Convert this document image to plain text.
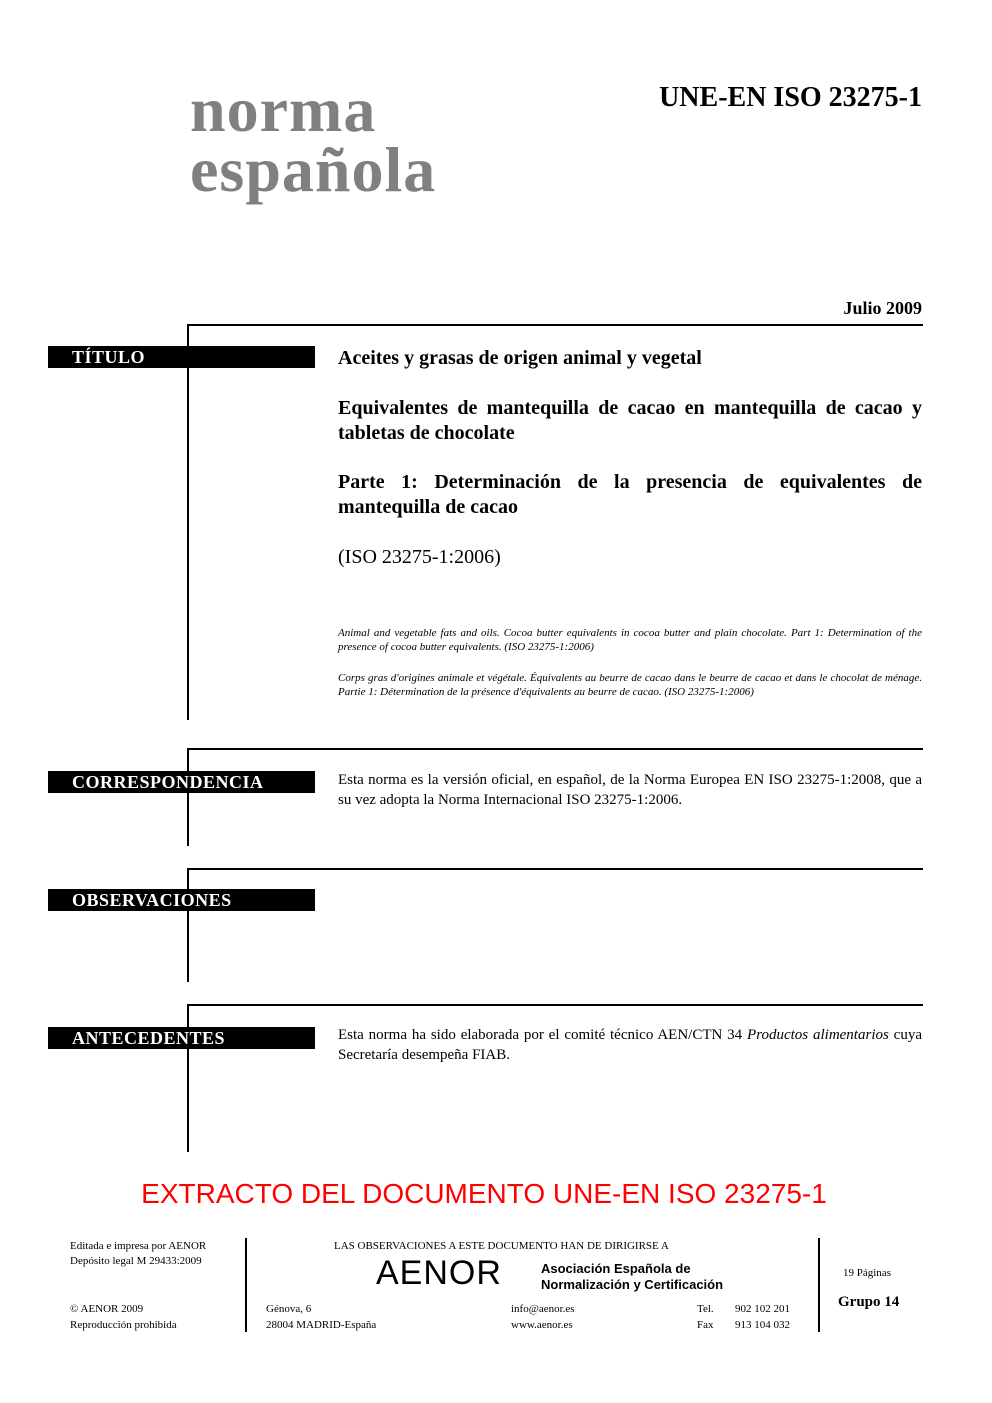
norma
española
UNE-EN ISO 23275-1
Julio 2009
TÍTULO	Aceites y grasas de origen animal y vegetal
Equivalentes de mantequilla de cacao en mantequilla de cacao y tabletas de chocolate
Parte 1: Determinación de la presencia de equivalentes de mantequilla de cacao
(ISO 23275-1:2006)
Animal and vegetable fats and oils. Cocoa butter equivalents in cocoa butter and plain chocolate. Part 1: Determination of the presence of cocoa butter equivalents. (ISO 23275-1:2006)
Corps gras d'origines animale et végétale. Équivalents au beurre de cacao dans le beurre de cacao et dans le chocolat de ménage. Partie 1: Détermination de la présence d'équivalents au beurre de cacao. (ISO 23275-1:2006)
CORRESPONDENCIA	Esta norma es la versión oficial, en español, de la Norma Europea EN ISO 23275-1:2008, que a su vez adopta la Norma Internacional ISO 23275-1:2006.
OBSERVACIONES
ANTECEDENTES	Esta norma ha sido elaborada por el comité técnico AEN/CTN 34 Productos alimentarios cuya Secretaría desempeña FIAB.
EXTRACTO DEL DOCUMENTO UNE-EN ISO 23275-1
Editada e impresa por AENOR
Depósito legal M 29433:2009
© AENOR 2009
Reproducción prohibida
LAS OBSERVACIONES A ESTE DOCUMENTO HAN DE DIRIGIRSE A
AENOR	Asociación Española de
Normalización y Certificación
Génova, 6
28004 MADRID-España
info@aenor.es
www.aenor.es
Tel. 902 102 201
Fax 913 104 032
19 Páginas
Grupo 14
